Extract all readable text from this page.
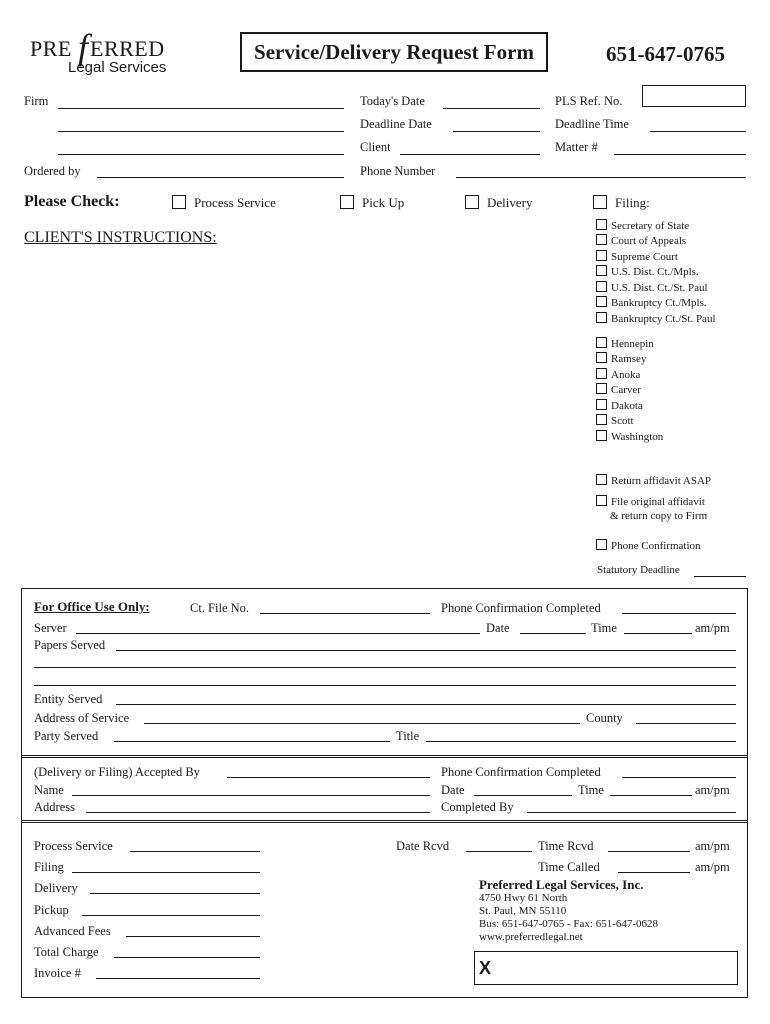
PRE f ERRED
Legal Services
Service/Delivery Request Form	651-647-0765
Firm
Ordered by
Today's Date
Deadline Date
Client
Phone Number
PLS Ref. No.
Deadline Time
Matter #
Please Check:	Process Service	Pick Up	Delivery	Filing:
CLIENT'S INSTRUCTIONS:
Secretary of State
Court of Appeals
Supreme Court
U.S. Dist. Ct./Mpls.
U.S. Dist. Ct./St. Paul
Bankruptcy Ct./Mpls.
Bankruptcy Ct./St. Paul
Hennepin
Ramsey
Anoka
Carver
Dakota
Scott
Washington
Return affidavit ASAP
File original affidavit
& return copy to Firm
Phone Confirmation
Statutory Deadline
For Office Use Only:	Ct. File No.	Phone Confirmation Completed
Server	Date	Time	am/pm
Papers Served
Entity Served
Address of Service	County
Party Served	Title
(Delivery or Filing) Accepted By	Phone Confirmation Completed
Name	Date	Time	am/pm
Address	Completed By
Process Service
Filing
Delivery
Pickup
Advanced Fees
Total Charge
Invoice #
Date Rcvd	Time Rcvd	am/pm
Time Called	am/pm
Preferred Legal Services, Inc.
4750 Hwy 61 North
St. Paul, MN 55110
Bus: 651-647-0765 - Fax: 651-647-0628
www.preferredlegal.net
X
